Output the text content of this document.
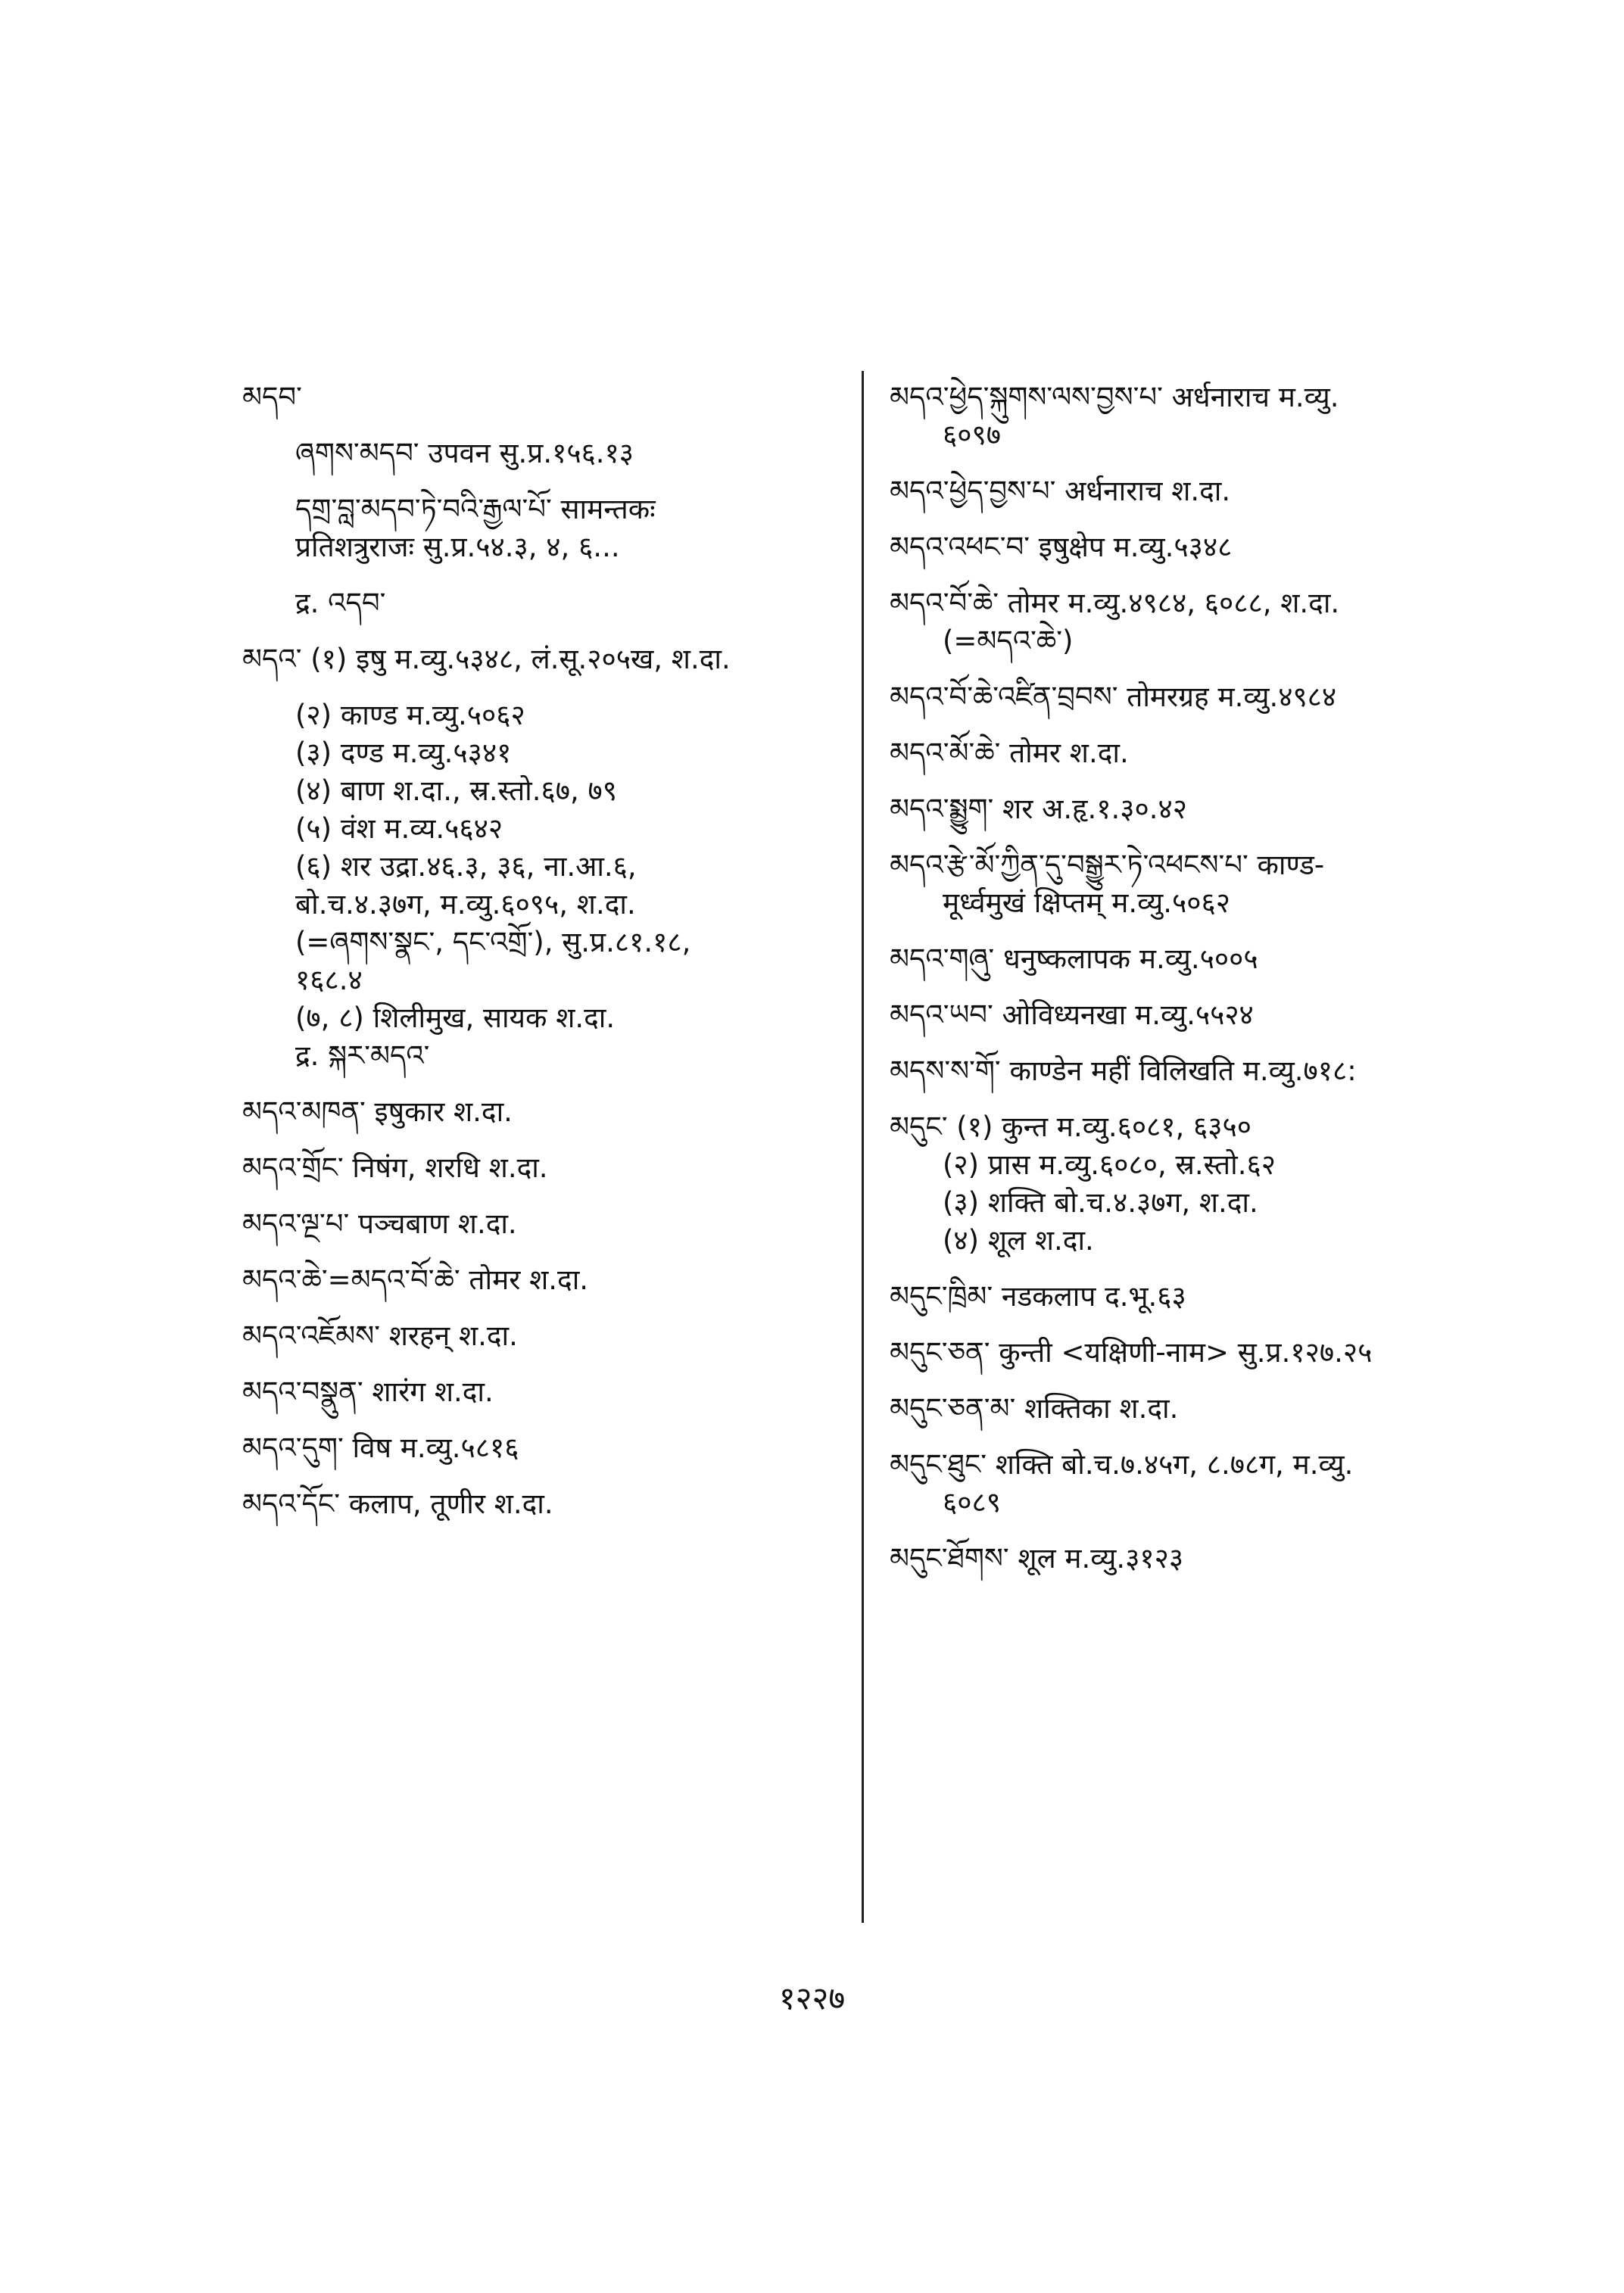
མདབ་
ཞགས་མདབ་ उपवन सु.प्र.१५६.१३
དགྲ་བླ་མདབ་ཏེ་བའི་རྒྱལ་པོ་ सामन्तकः
प्रतिशत्रुराजः सु.प्र.५४.३, ४, ६...
द्र. འདབ་
མདའ་ (१) इषु म.व्यु.५३४८, लं.सू.२०५ख, श.दा.
(२) काण्ड म.व्यु.५०६२
(३) दण्ड म.व्यु.५३४१
(४) बाण श.दा., स्र.स्तो.६७, ७९
(५) वंश म.व्य.५६४२
(६) शर उद्रा.४६.३, ३६, ना.आ.६,
बो.च.४.३७ग, म.व्यु.६०९५, श.दा.
(=ཞགས་སྣང་, དང་འགྲོ་), सु.प्र.८१.१८,
१६८.४
(७, ८) शिलीमुख, सायक श.दा.
द्र. སྐར་མདའ་
མདའ་མཁན་ इषुकार श.दा.
མདའ་གྲོང་ निषंग, शरधि श.दा.
མདའ་ལྔ་པ་ पञ्चबाण श.दा.
མདའ་ཆེ་=མདའ་བོ་ཆེ་ तोमर श.दा.
མདའ་འཇོམས་ शरहन् श.दा.
མདའ་བསྣུན་ शारंग श.दा.
མདའ་དུག་ विष म.व्यु.५८१६
མདའ་དོང་ कलाप, तूणीर श.दा.
མདའ་ཕྱེད་སྐུགས་ལས་བྱས་པ་ अर्धनाराच म.व्यु.
६०९७
མདའ་ཕྱེད་བྱས་པ་ अर्धनाराच श.दा.
མདའ་འཕང་བ་ इषुक्षेप म.व्यु.५३४८
མདའ་བོ་ཆེ་ तोमर म.व्यु.४९८४, ६०८८, श.दा.
(=མདའ་ཆེ་)
མདའ་བོ་ཆེ་འཛིན་བྲབས་ तोमरग्रह म.व्यु.४९८४
མདའ་མོ་ཆེ་ तोमर श.दा.
མདའ་སྨྱུག་ शर अ.हृ.१.३०.४२
མདའ་རྩེ་མོ་ཀྱིན་དུ་བསྒྱུར་ཏེ་འཕངས་པ་ काण्ड-
मूर्ध्वमुखं क्षिप्तम् म.व्यु.५०६२
མདའ་གཞུ་ धनुष्कलापक म.व्यु.५००५
མདའ་ཡབ་ ओविध्यनखा म.व्यु.५५२४
མདས་ས་གོ་ काण्डेन महीं विलिखति म.व्यु.७१८:
མདུང་ (१) कुन्त म.व्यु.६०८१, ६३५०
(२) प्रास म.व्यु.६०८०, स्र.स्तो.६२
(३) शक्ति बो.च.४.३७ग, श.दा.
(४) शूल श.दा.
མདུང་ཁྲིམ་ नडकलाप द.भू.६३
མདུང་ཅན་ कुन्ती <यक्षिणी-नाम> सु.प्र.१२७.२५
མདུང་ཅན་མ་ शक्तिका श.दा.
མདུང་ཐུང་ शक्ति बो.च.७.४५ग, ८.७८ग, म.व्यु.
६०८९
མདུང་ཐོགས་ शूल म.व्यु.३१२३
१२२७
